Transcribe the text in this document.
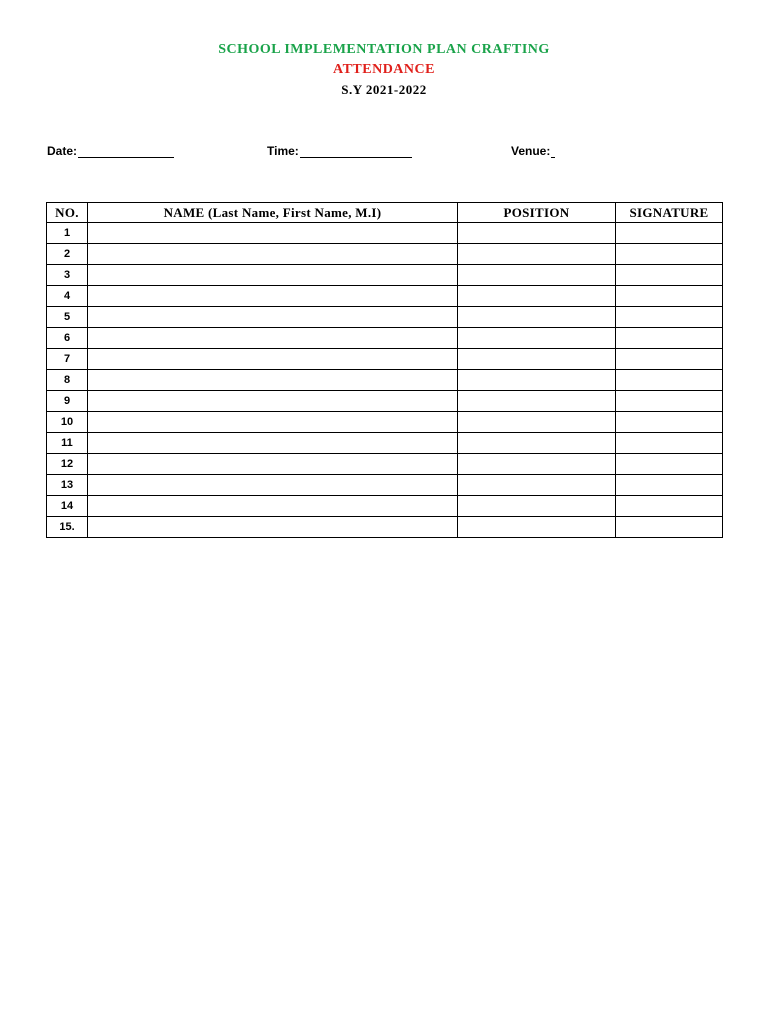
SCHOOL IMPLEMENTATION PLAN CRAFTING
ATTENDANCE
S.Y 2021-2022
Date:	Time:	Venue:
NO.	NAME (Last Name, First Name, M.I)	POSITION	SIGNATURE
1			
2			
3			
4			
5			
6			
7			
8			
9			
10			
11			
12			
13			
14			
15.			
